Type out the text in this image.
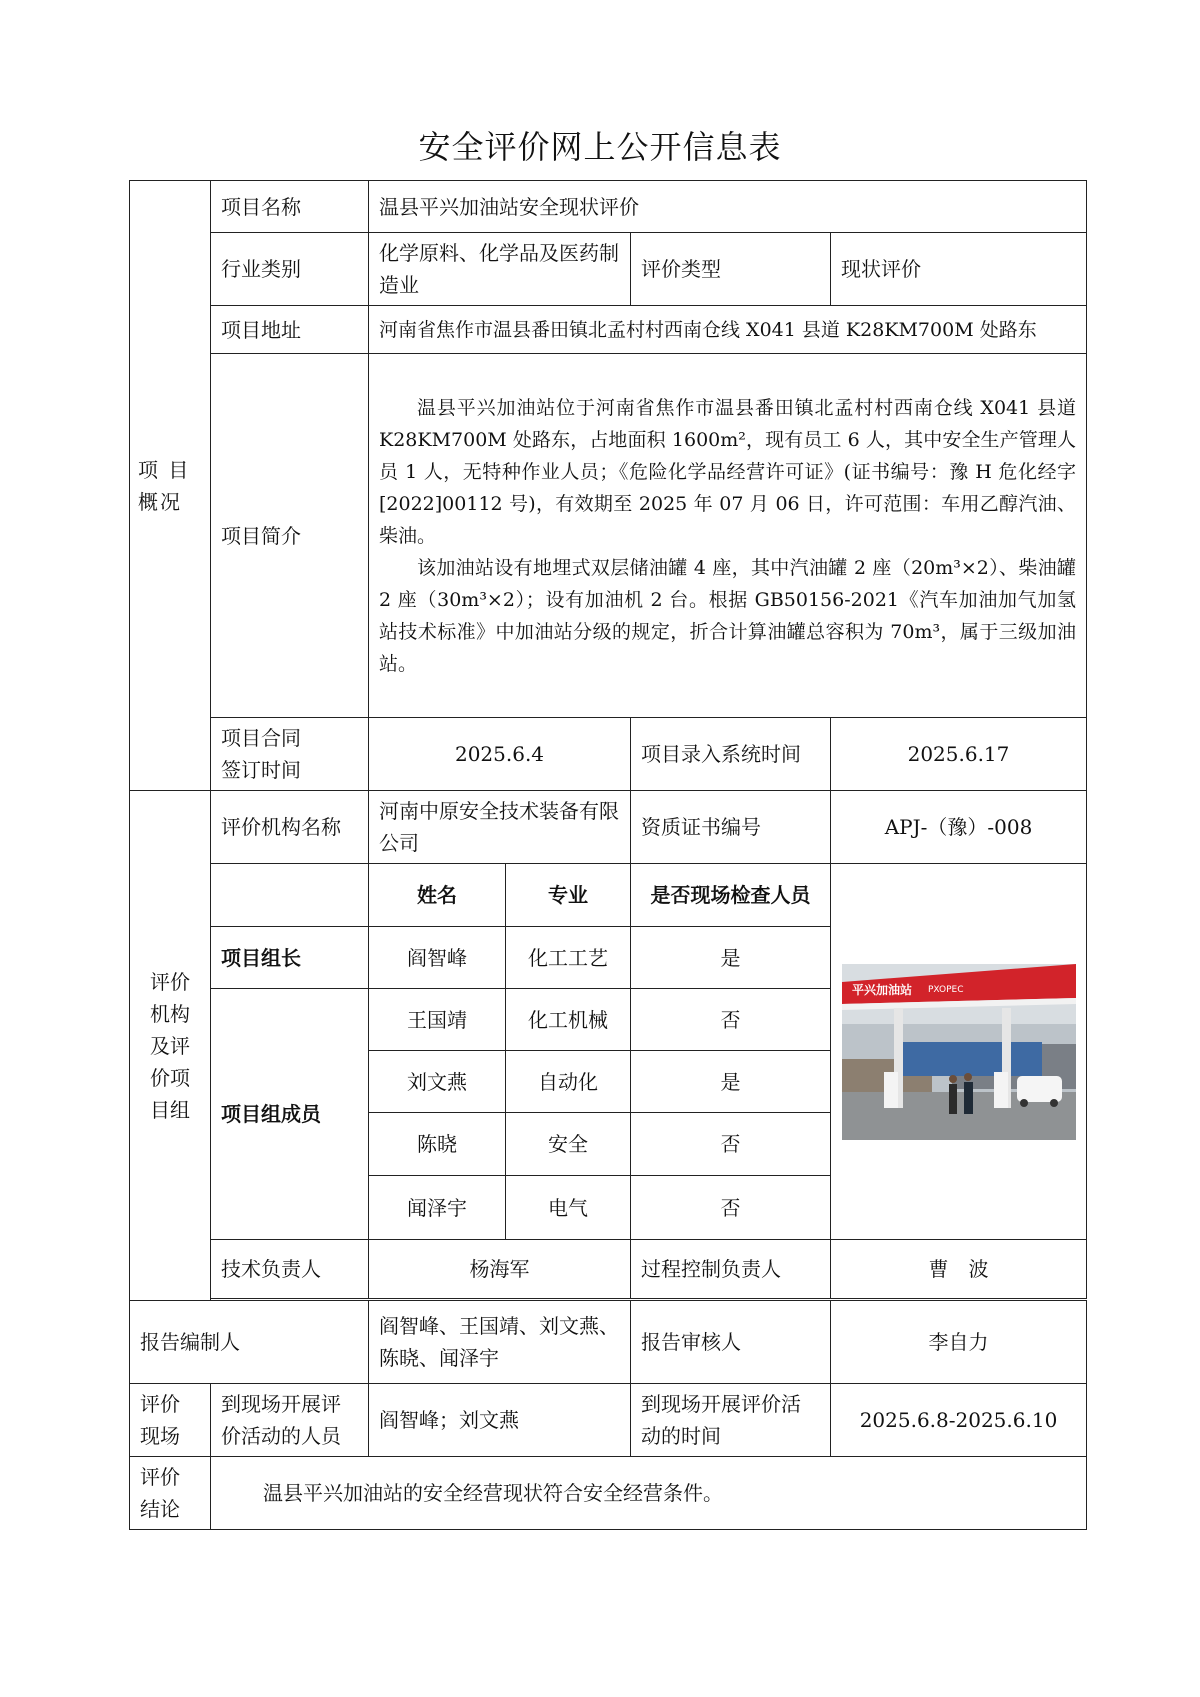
安全评价网上公开信息表
项 目
概况	项目名称	温县平兴加油站安全现状评价			
	行业类别	化学原料、化学品及医药制造业		评价类型	现状评价
	项目地址	河南省焦作市温县番田镇北孟村村西南仓线 X041 县道 K28KM700M 处路东			
	项目简介	温县平兴加油站位于河南省焦作市温县番田镇北孟村村西南仓线 X041 县道 K28KM700M 处路东，占地面积 1600m²，现有员工 6 人，其中安全生产管理人员 1 人，无特种作业人员；《危险化学品经营许可证》(证书编号：豫 H 危化经字[2022]00112 号)，有效期至 2025 年 07 月 06 日，许可范围：车用乙醇汽油、柴油。

该加油站设有地埋式双层储油罐 4 座，其中汽油罐 2 座（20m³×2）、柴油罐 2 座（30m³×2）；设有加油机 2 台。根据 GB50156-2021《汽车加油加气加氢站技术标准》中加油站分级的规定，折合计算油罐总容积为 70m³，属于三级加油站。			

	项目合同
签订时间	2025.6.4		项目录入系统时间	2025.6.17

评价
机构
及评
价项
目组	评价机构名称	河南中原安全技术装备有限公司		资质证书编号	APJ-（豫）-008
		姓名	专业	是否现场检查人员	平兴加油站 PXOPEC

	项目组长	阎智峰	化工工艺	是	
	项目组成员	王国靖	化工机械	否	
		刘文燕	自动化	是	
		陈晓	安全	否	
		闻泽宇	电气	否	
	技术负责人	杨海军		过程控制负责人	曹　波

报告编制人		阎智峰、王国靖、刘文燕、陈晓、闻泽宇		报告审核人	李自力

评价
现场	到现场开展评价活动的人员	阎智峰；刘文燕		到现场开展评价活动的时间	2025.6.8-2025.6.10

评价
结论	温县平兴加油站的安全经营现状符合安全经营条件。				
